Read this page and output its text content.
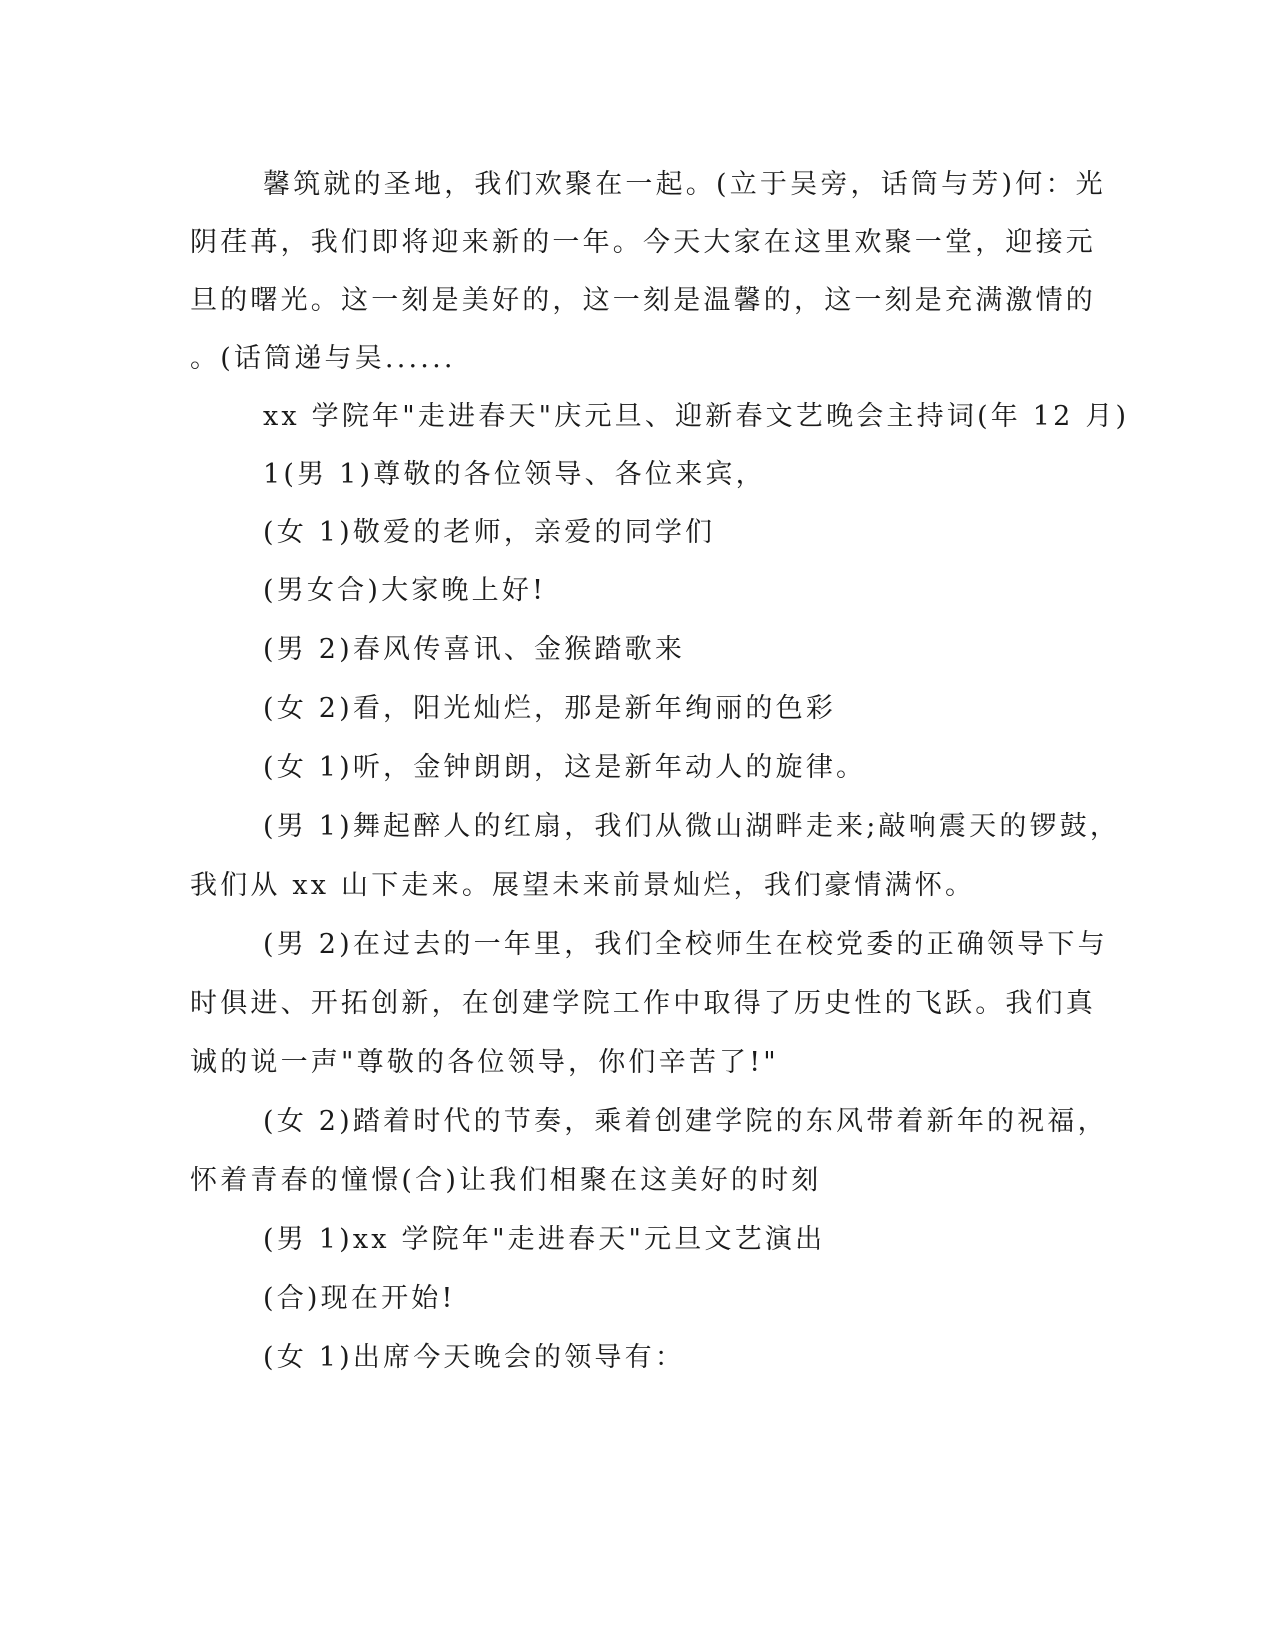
馨筑就的圣地，我们欢聚在一起。(立于吴旁，话筒与芳)何：光
阴荏苒，我们即将迎来新的一年。今天大家在这里欢聚一堂，迎接元
旦的曙光。这一刻是美好的，这一刻是温馨的，这一刻是充满激情的
。(话筒递与吴......
xx 学院年"走进春天"庆元旦、迎新春文艺晚会主持词(年 12 月)
1(男 1)尊敬的各位领导、各位来宾，
(女 1)敬爱的老师，亲爱的同学们
(男女合)大家晚上好!
(男 2)春风传喜讯、金猴踏歌来
(女 2)看，阳光灿烂，那是新年绚丽的色彩
(女 1)听，金钟朗朗，这是新年动人的旋律。
(男 1)舞起醉人的红扇，我们从微山湖畔走来;敲响震天的锣鼓，
我们从 xx 山下走来。展望未来前景灿烂，我们豪情满怀。
(男 2)在过去的一年里，我们全校师生在校党委的正确领导下与
时俱进、开拓创新，在创建学院工作中取得了历史性的飞跃。我们真
诚的说一声"尊敬的各位领导，你们辛苦了!"
(女 2)踏着时代的节奏，乘着创建学院的东风带着新年的祝福，
怀着青春的憧憬(合)让我们相聚在这美好的时刻
(男 1)xx 学院年"走进春天"元旦文艺演出
(合)现在开始!
(女 1)出席今天晚会的领导有：
